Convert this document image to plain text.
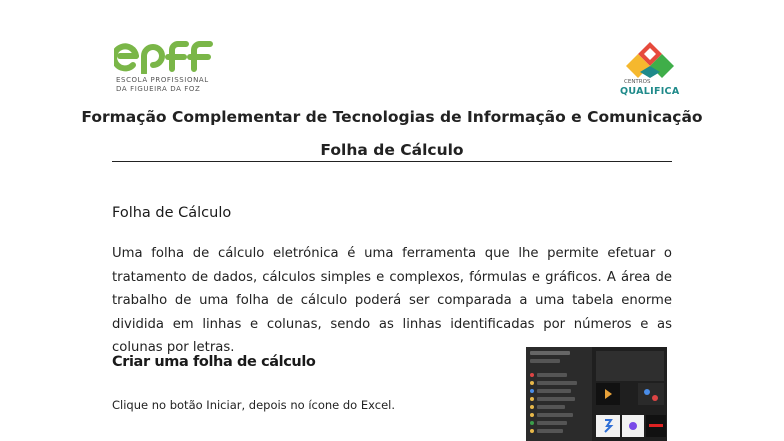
ESCOLA PROFISSIONAL
DA FIGUEIRA DA FOZ
CENTROS
QUALIFICA
Formação Complementar de Tecnologias de Informação e Comunicação
Folha de Cálculo
Folha de Cálculo
Uma folha de cálculo eletrónica é uma ferramenta que lhe permite efetuar o tratamento de dados, cálculos simples e complexos, fórmulas e gráficos. A área de trabalho de uma folha de cálculo poderá ser comparada a uma tabela enorme dividida em linhas e colunas, sendo as linhas identificadas por números e as colunas por letras.
Criar uma folha de cálculo
Clique no botão Iniciar, depois no ícone do Excel.
